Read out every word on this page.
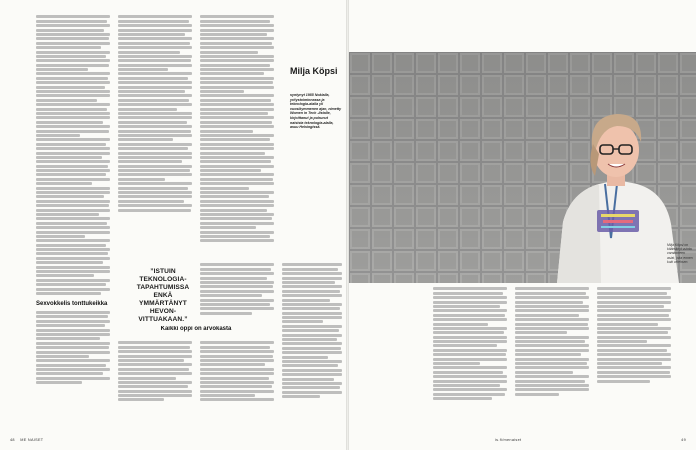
Sexvokkelis tonttukeikka
”ISTUIN TEKNOLOGIA-TAPAHTUMISSA ENKÄ YMMÄRTÄNYT HEVON-VITTUAKAAN.”
Kaikki oppi on arvokasta
Milja Köpsi
syntynyt 1985 Nokialla, yritystoiminnassa ja teknologia-alalla yli vuosikymmenen ajan, nimetty Women in Tech -listalle, kirjoittanut ja puhunut naisista teknologia-alalla, asuu Helsingissä.
48 ME NAISET
Milja Köpsi on kääntänyt vuinta varakoneen asiat, joka ennen kuki viitehsen.
is.fi/menaiset	49
